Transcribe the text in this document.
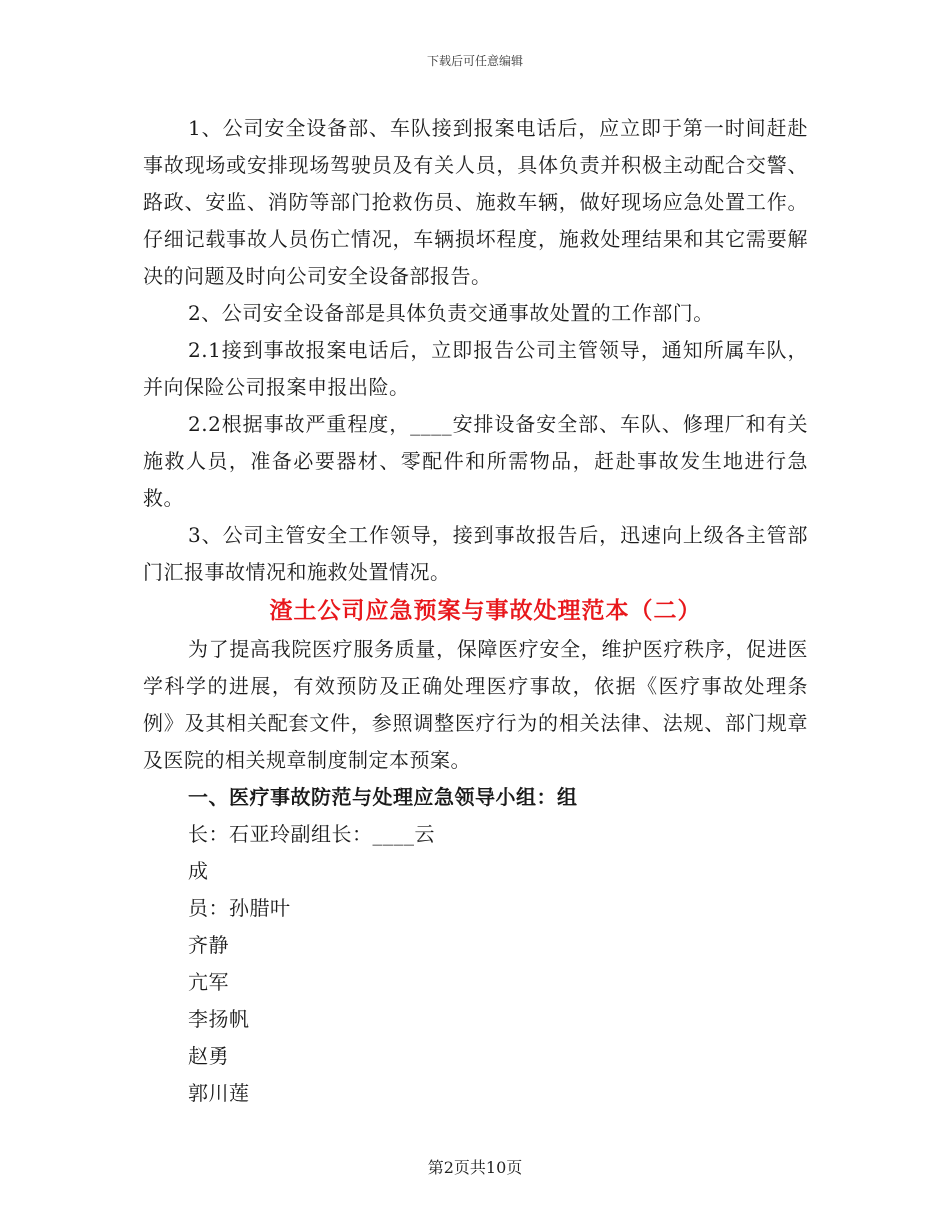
下载后可任意编辑

1、公司安全设备部、车队接到报案电话后，应立即于第一时间赶赴事故现场或安排现场驾驶员及有关人员，具体负责并积极主动配合交警、路政、安监、消防等部门抢救伤员、施救车辆，做好现场应急处置工作。仔细记载事故人员伤亡情况，车辆损坏程度，施救处理结果和其它需要解决的问题及时向公司安全设备部报告。

2、公司安全设备部是具体负责交通事故处置的工作部门。

2.1接到事故报案电话后，立即报告公司主管领导，通知所属车队，并向保险公司报案申报出险。

2.2根据事故严重程度，____安排设备安全部、车队、修理厂和有关施救人员，准备必要器材、零配件和所需物品，赶赴事故发生地进行急救。

3、公司主管安全工作领导，接到事故报告后，迅速向上级各主管部门汇报事故情况和施救处置情况。

渣土公司应急预案与事故处理范本（二）

为了提高我院医疗服务质量，保障医疗安全，维护医疗秩序，促进医学科学的进展，有效预防及正确处理医疗事故，依据《医疗事故处理条例》及其相关配套文件，参照调整医疗行为的相关法律、法规、部门规章及医院的相关规章制度制定本预案。

一、医疗事故防范与处理应急领导小组：组

长：石亚玲副组长：____云

成

员：孙腊叶

齐静

亢军

李扬帆

赵勇

郭川莲

第2页共10页
